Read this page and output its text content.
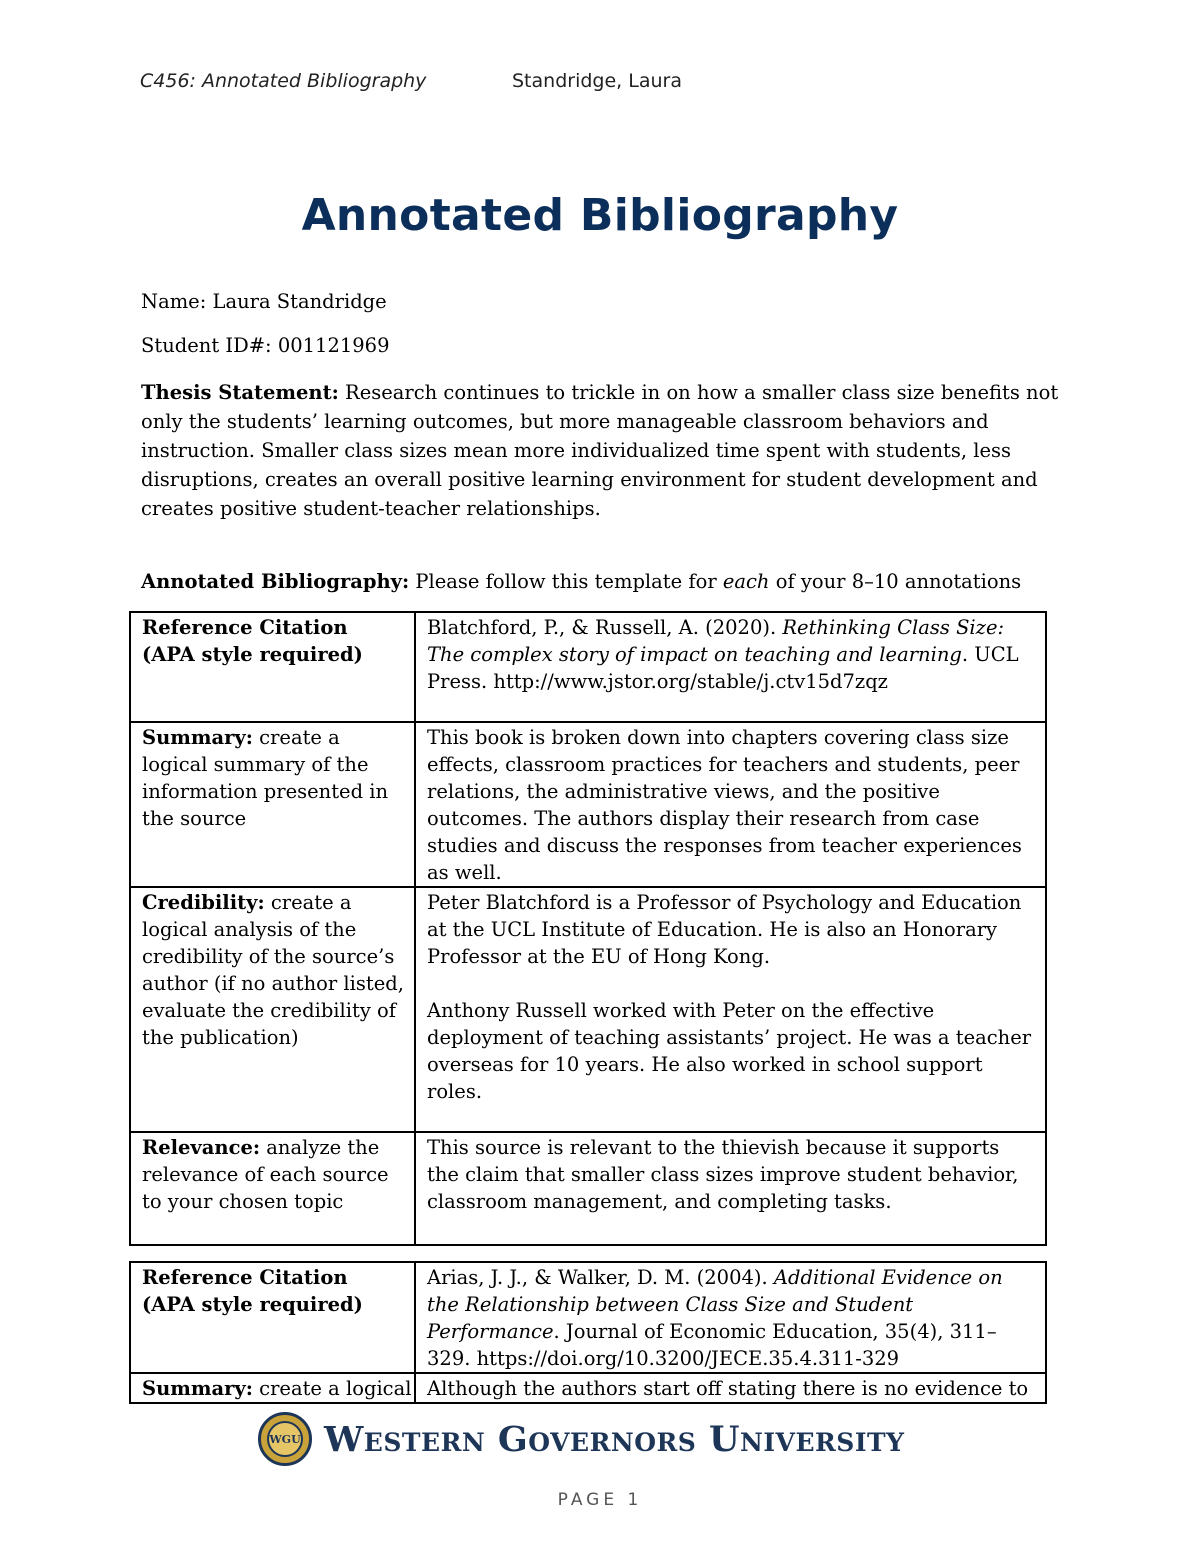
C456: Annotated Bibliography	Standridge, Laura
Annotated Bibliography
Name: Laura Standridge
Student ID#: 001121969
Thesis Statement: Research continues to trickle in on how a smaller class size benefits not only the students’ learning outcomes, but more manageable classroom behaviors and instruction. Smaller class sizes mean more individualized time spent with students, less disruptions, creates an overall positive learning environment for student development and creates positive student-teacher relationships.
Annotated Bibliography: Please follow this template for each of your 8–10 annotations
Reference Citation (APA style required)	Blatchford, P., & Russell, A. (2020). Rethinking Class Size: The complex story of impact on teaching and learning. UCL Press. http://www.jstor.org/stable/j.ctv15d7zqz
Summary: create a logical summary of the information presented in the source	This book is broken down into chapters covering class size effects, classroom practices for teachers and students, peer relations, the administrative views, and the positive outcomes. The authors display their research from case studies and discuss the responses from teacher experiences as well.
Credibility: create a logical analysis of the credibility of the source’s author (if no author listed, evaluate the credibility of the publication)	Peter Blatchford is a Professor of Psychology and Education at the UCL Institute of Education. He is also an Honorary Professor at the EU of Hong Kong.
Anthony Russell worked with Peter on the effective deployment of teaching assistants’ project. He was a teacher overseas for 10 years. He also worked in school support roles.

Relevance: analyze the relevance of each source to your chosen topic	This source is relevant to the thievish because it supports the claim that smaller class sizes improve student behavior, classroom management, and completing tasks.
Reference Citation (APA style required)	Arias, J. J., & Walker, D. M. (2004). Additional Evidence on the Relationship between Class Size and Student Performance. Journal of Economic Education, 35(4), 311–329. https://doi.org/10.3200/JECE.35.4.311-329
Summary: create a logical	Although the authors start off stating there is no evidence to
WGU Western Governors University
PAGE 1
